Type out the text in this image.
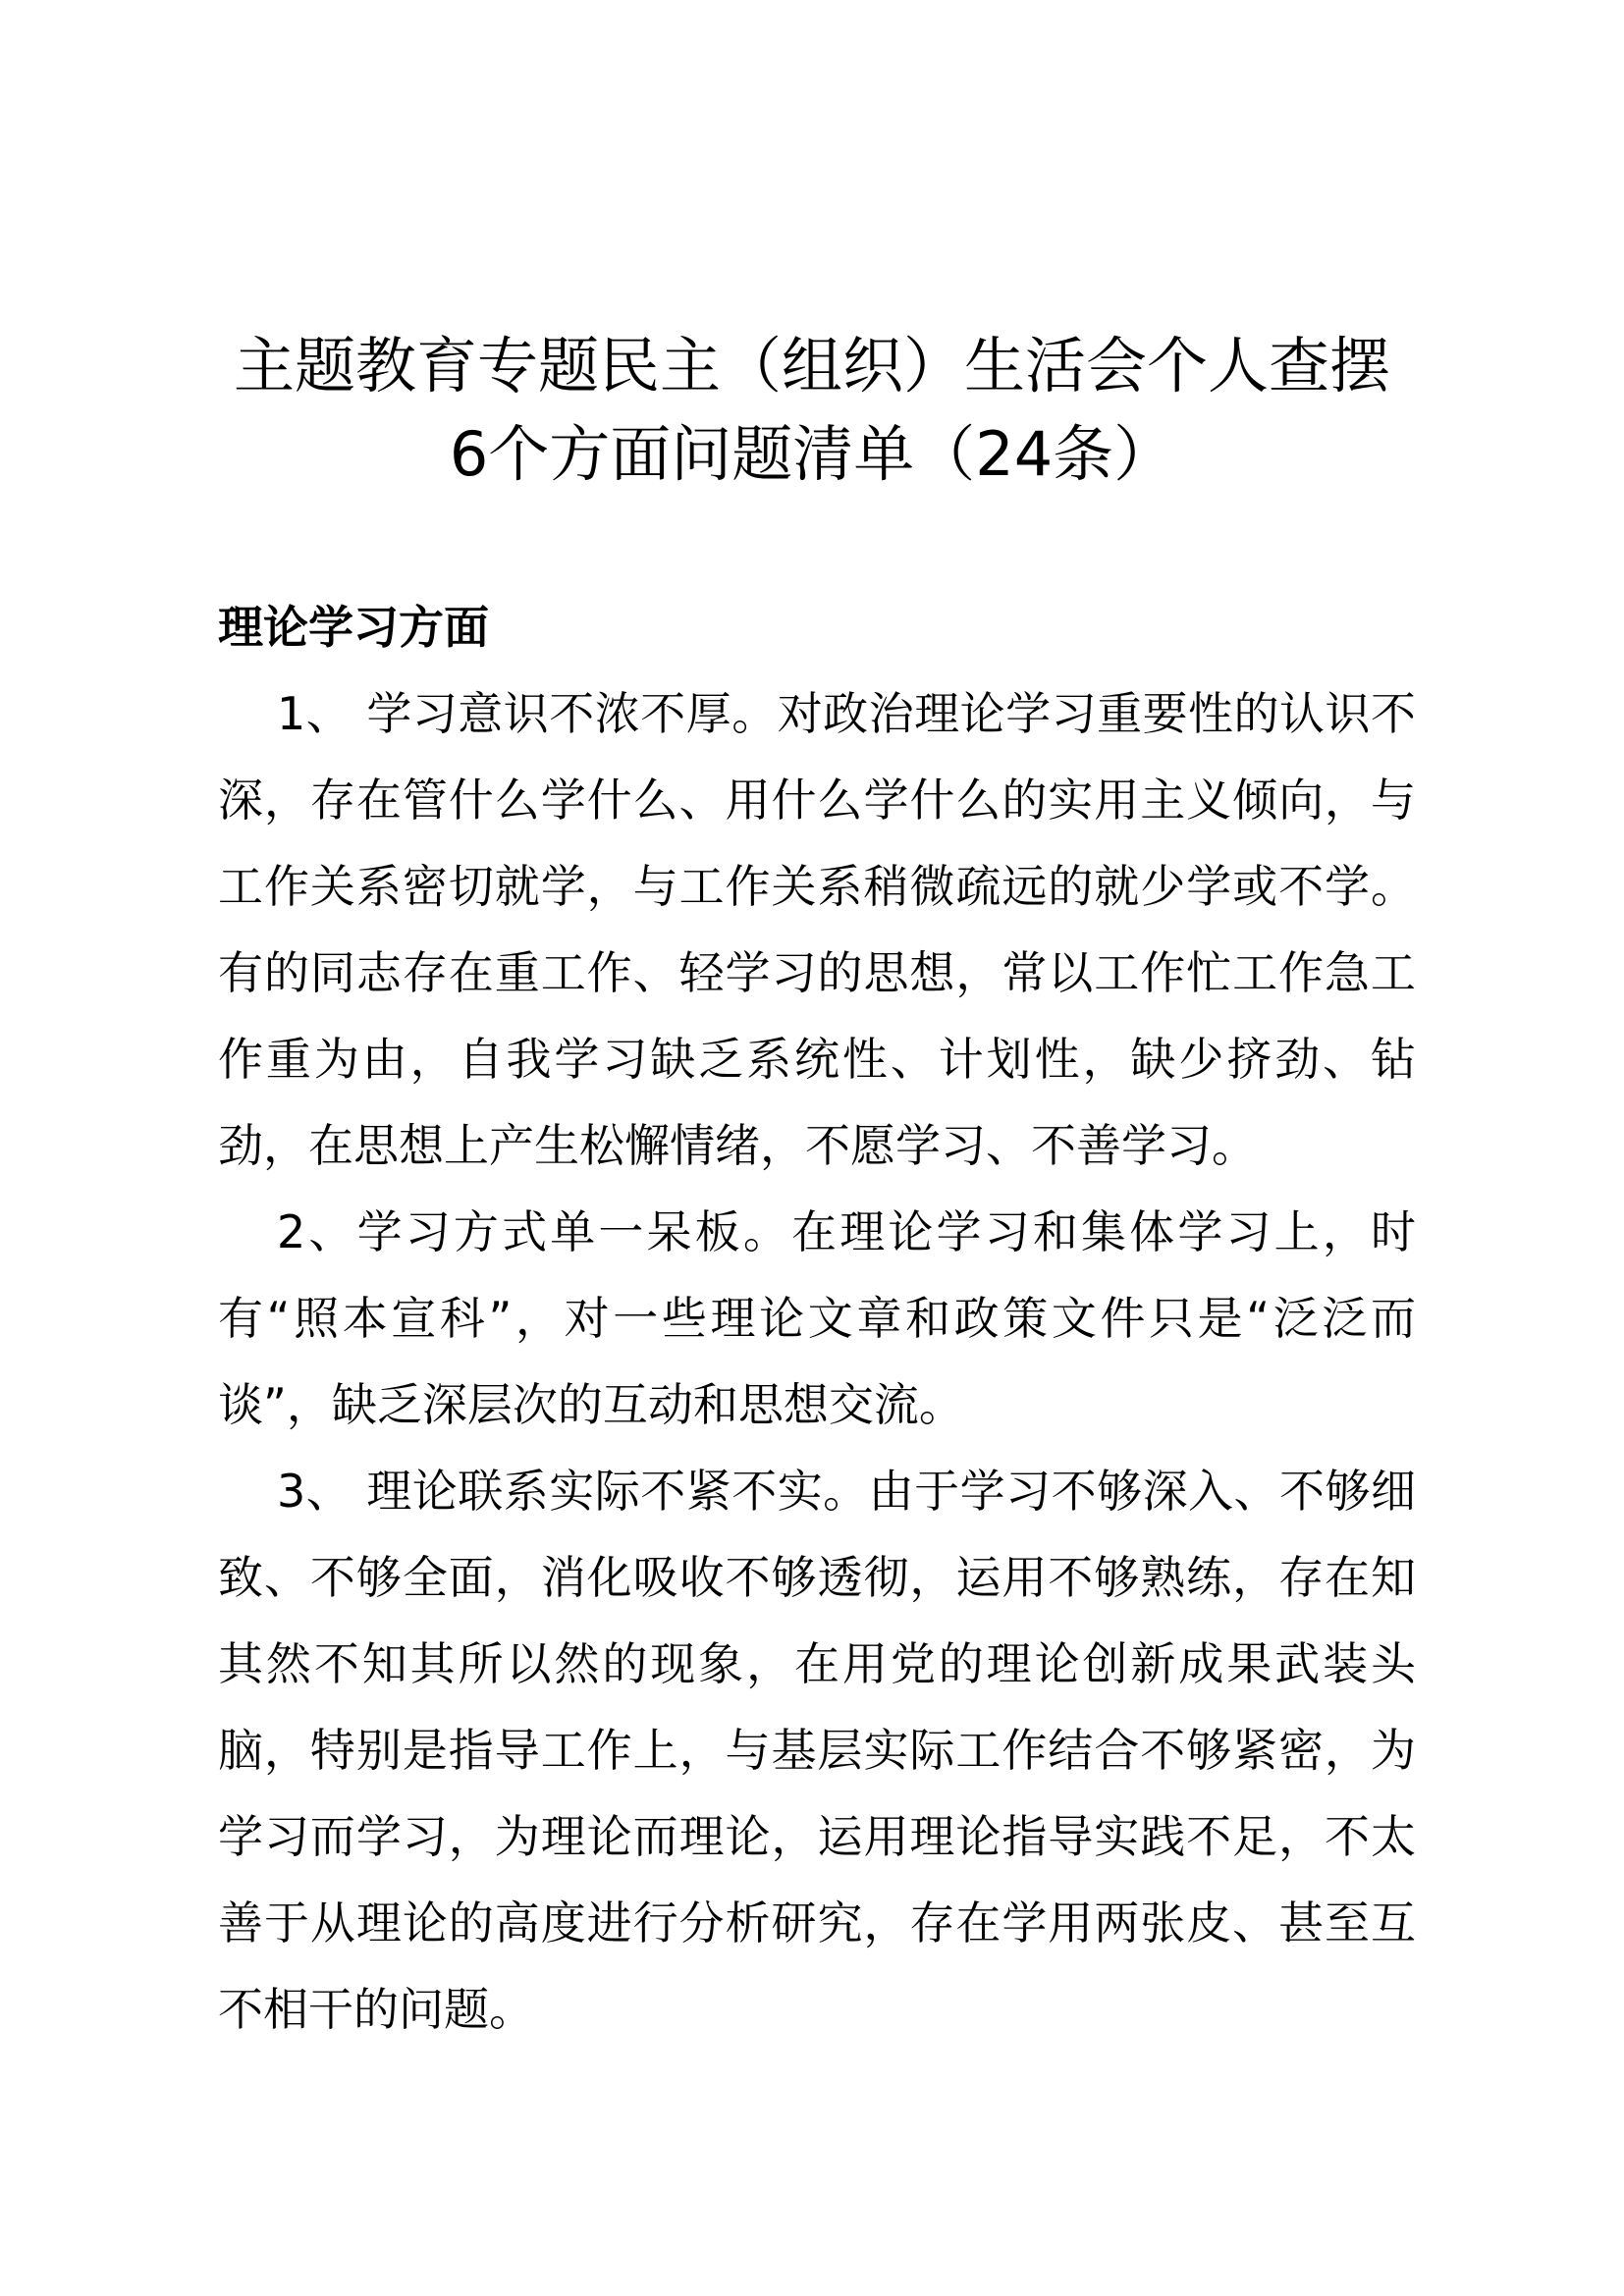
主题教育专题民主（组织）生活会个人查摆
6个方面问题清单（24条）

理论学习方面

1、 学习意识不浓不厚。对政治理论学习重要性的认识不深，存在管什么学什么、用什么学什么的实用主义倾向，与工作关系密切就学，与工作关系稍微疏远的就少学或不学。有的同志存在重工作、轻学习的思想，常以工作忙工作急工作重为由，自我学习缺乏系统性、计划性，缺少挤劲、钻劲，在思想上产生松懈情绪，不愿学习、不善学习。

2、学习方式单一呆板。在理论学习和集体学习上，时有“照本宣科”，对一些理论文章和政策文件只是“泛泛而谈”，缺乏深层次的互动和思想交流。

3、 理论联系实际不紧不实。由于学习不够深入、不够细致、不够全面，消化吸收不够透彻，运用不够熟练，存在知其然不知其所以然的现象，在用党的理论创新成果武装头脑，特别是指导工作上，与基层实际工作结合不够紧密，为学习而学习，为理论而理论，运用理论指导实践不足，不太善于从理论的高度进行分析研究，存在学用两张皮、甚至互不相干的问题。
